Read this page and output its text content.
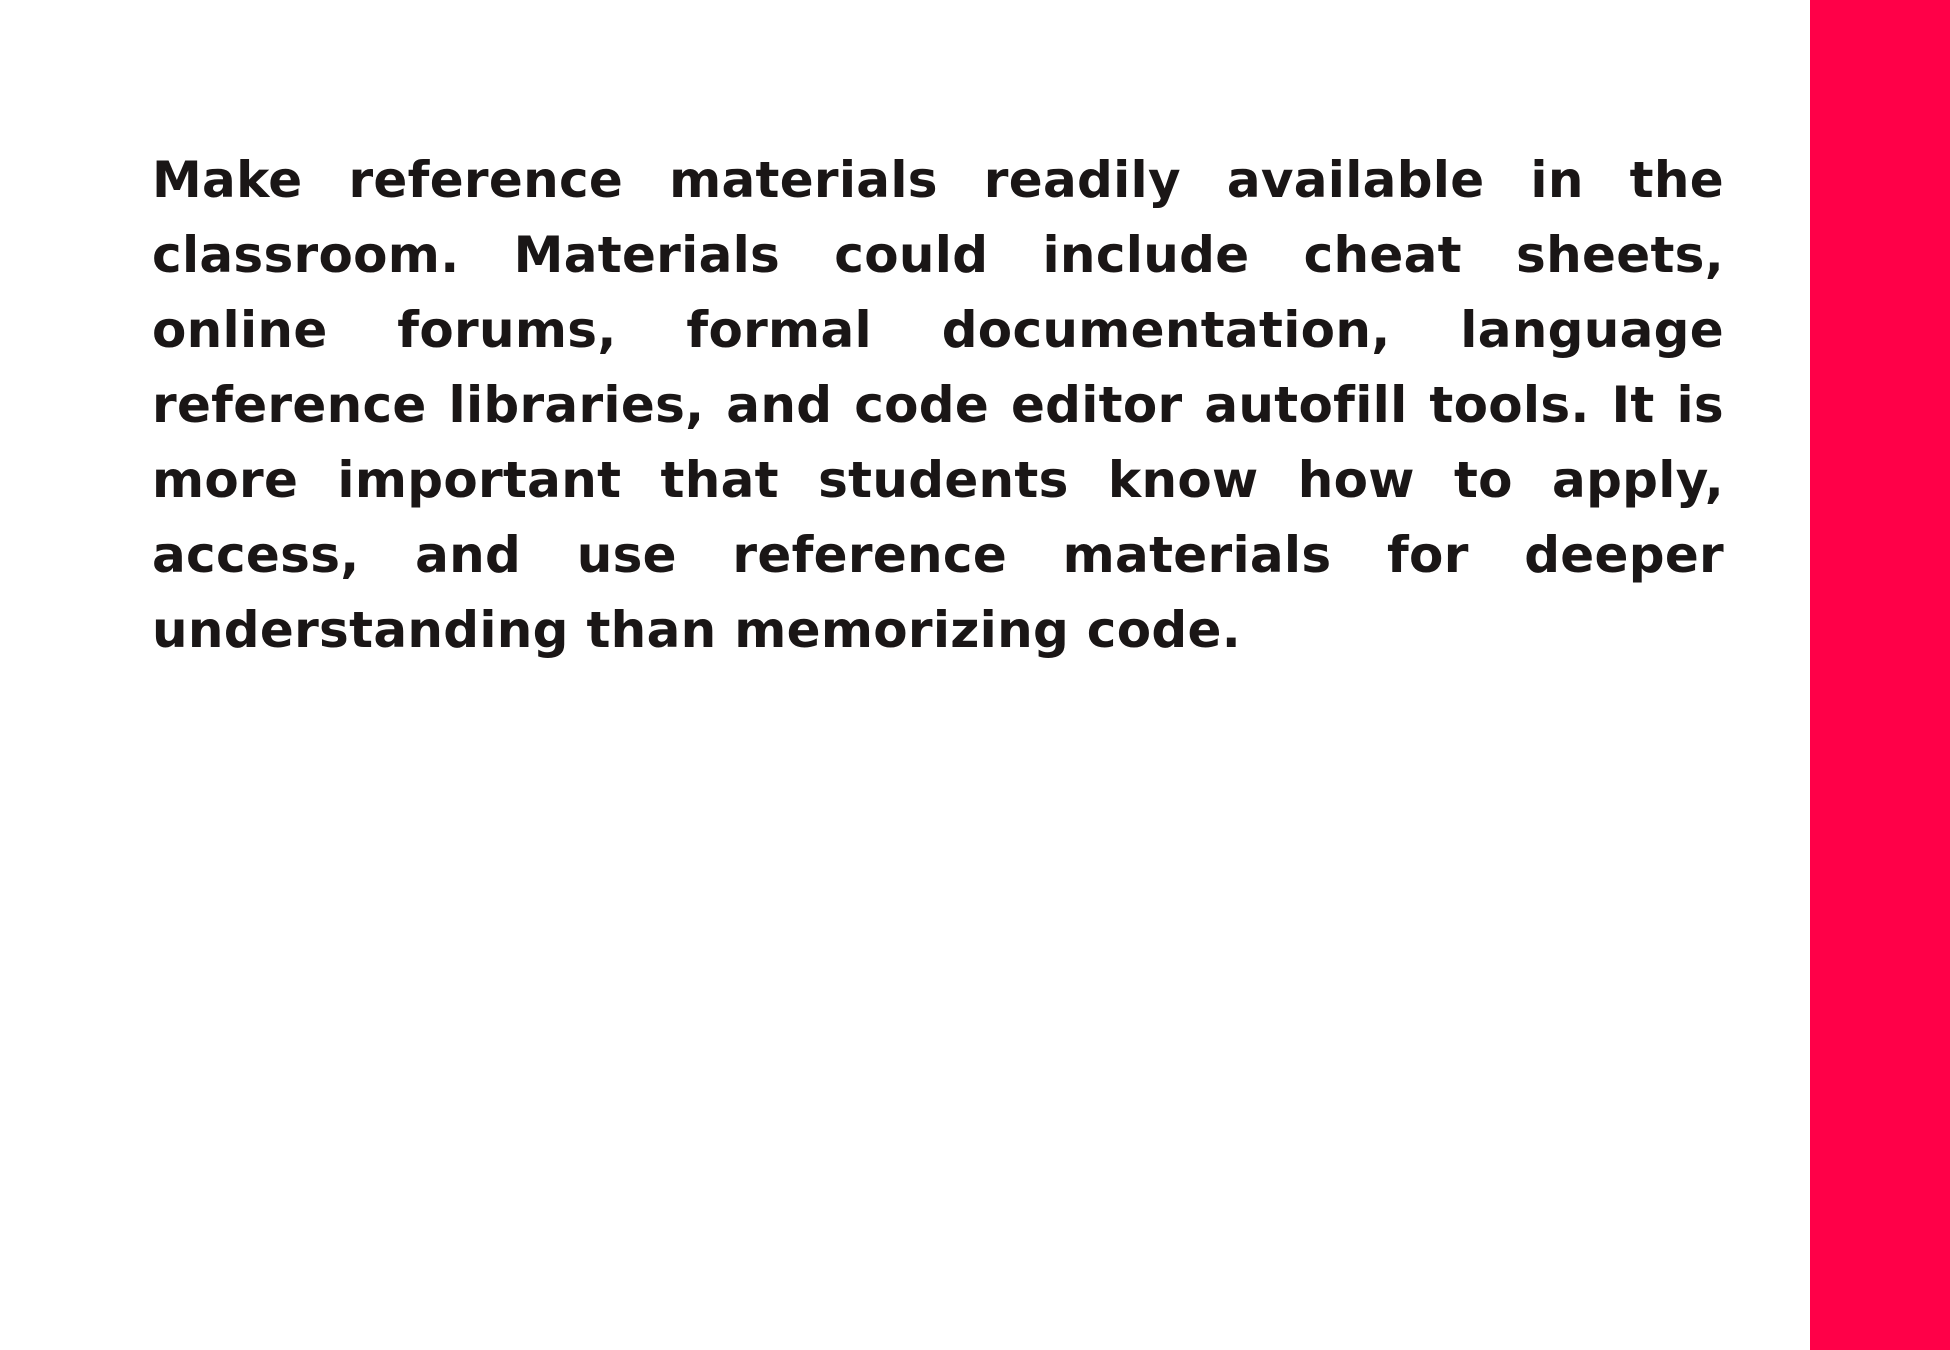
Make reference materials readily available in the classroom. Materials could include cheat sheets, online forums, formal documentation, language reference libraries, and code editor autofill tools. It is more important that students know how to apply, access, and use reference materials for deeper understanding than memorizing code.
